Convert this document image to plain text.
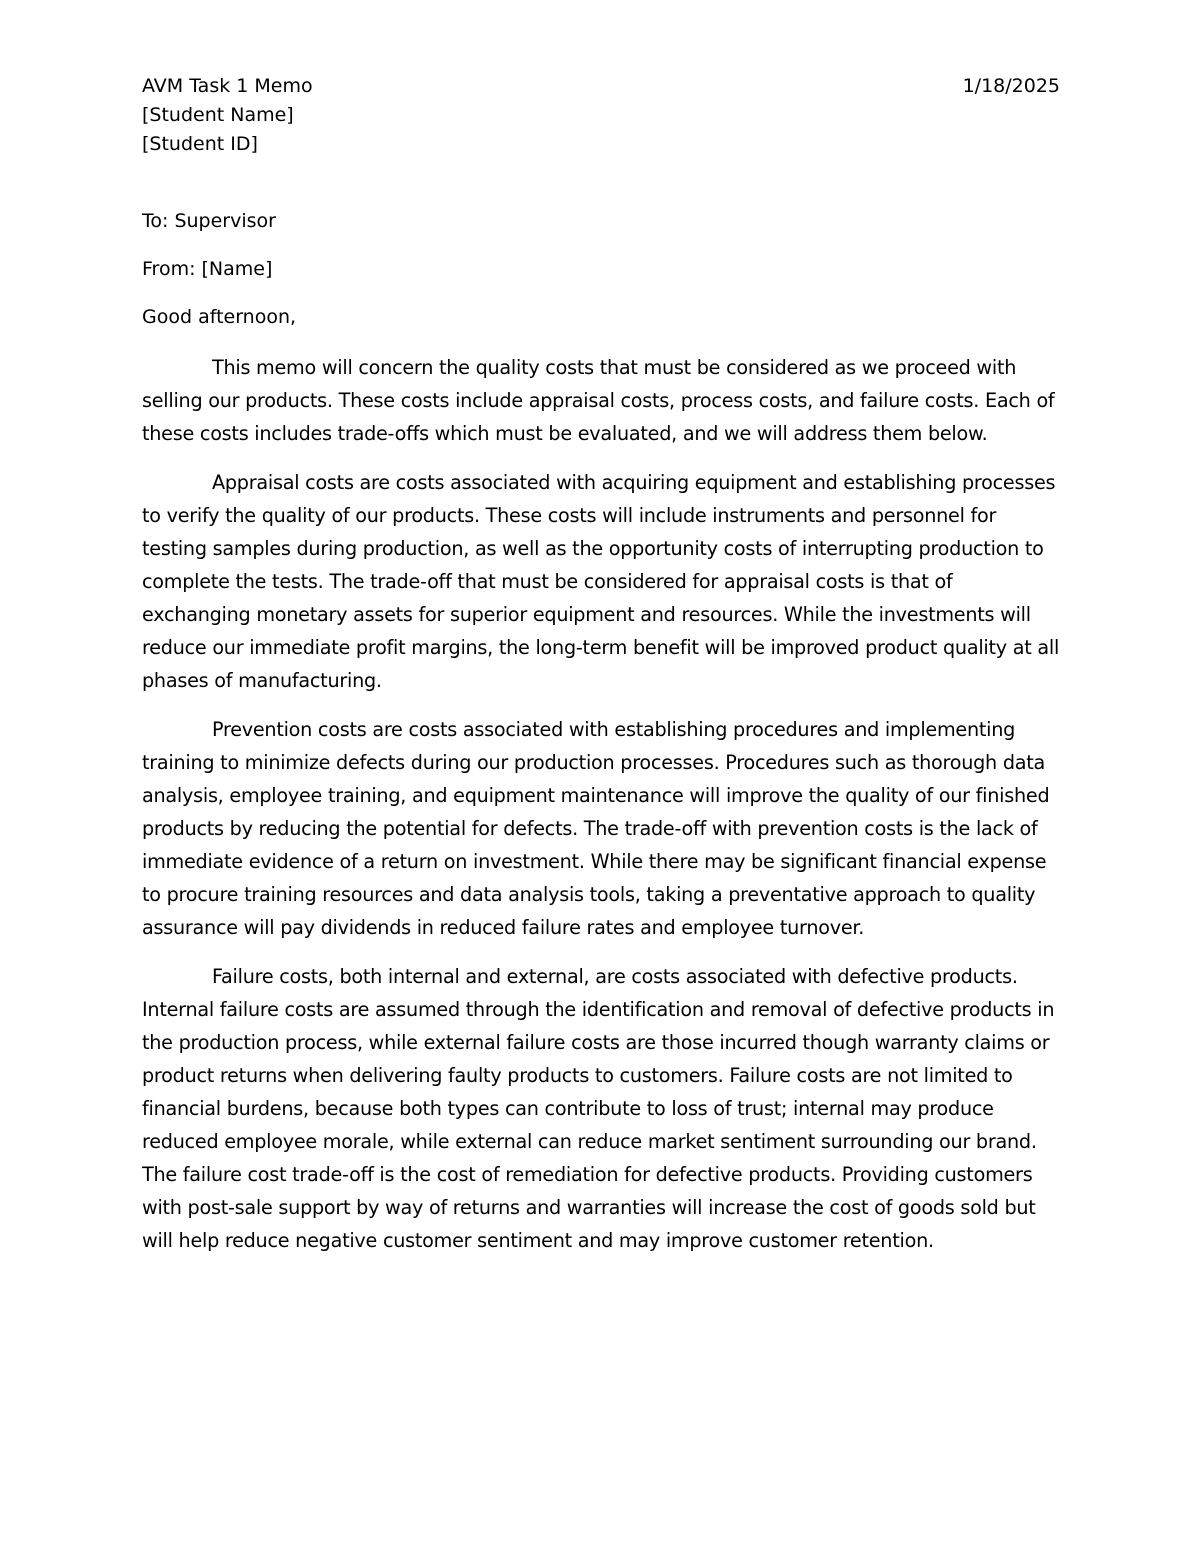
AVM Task 1 Memo	1/18/2025
[Student Name]
[Student ID]
To: Supervisor
From: [Name]
Good afternoon,

This memo will concern the quality costs that must be considered as we proceed with selling our products. These costs include appraisal costs, process costs, and failure costs. Each of these costs includes trade-offs which must be evaluated, and we will address them below.

Appraisal costs are costs associated with acquiring equipment and establishing processes to verify the quality of our products. These costs will include instruments and personnel for testing samples during production, as well as the opportunity costs of interrupting production to complete the tests. The trade-off that must be considered for appraisal costs is that of exchanging monetary assets for superior equipment and resources. While the investments will reduce our immediate profit margins, the long-term benefit will be improved product quality at all phases of manufacturing.

Prevention costs are costs associated with establishing procedures and implementing training to minimize defects during our production processes. Procedures such as thorough data analysis, employee training, and equipment maintenance will improve the quality of our finished products by reducing the potential for defects. The trade-off with prevention costs is the lack of immediate evidence of a return on investment. While there may be significant financial expense to procure training resources and data analysis tools, taking a preventative approach to quality assurance will pay dividends in reduced failure rates and employee turnover.

Failure costs, both internal and external, are costs associated with defective products. Internal failure costs are assumed through the identification and removal of defective products in the production process, while external failure costs are those incurred though warranty claims or product returns when delivering faulty products to customers. Failure costs are not limited to financial burdens, because both types can contribute to loss of trust; internal may produce reduced employee morale, while external can reduce market sentiment surrounding our brand. The failure cost trade-off is the cost of remediation for defective products. Providing customers with post-sale support by way of returns and warranties will increase the cost of goods sold but will help reduce negative customer sentiment and may improve customer retention.
